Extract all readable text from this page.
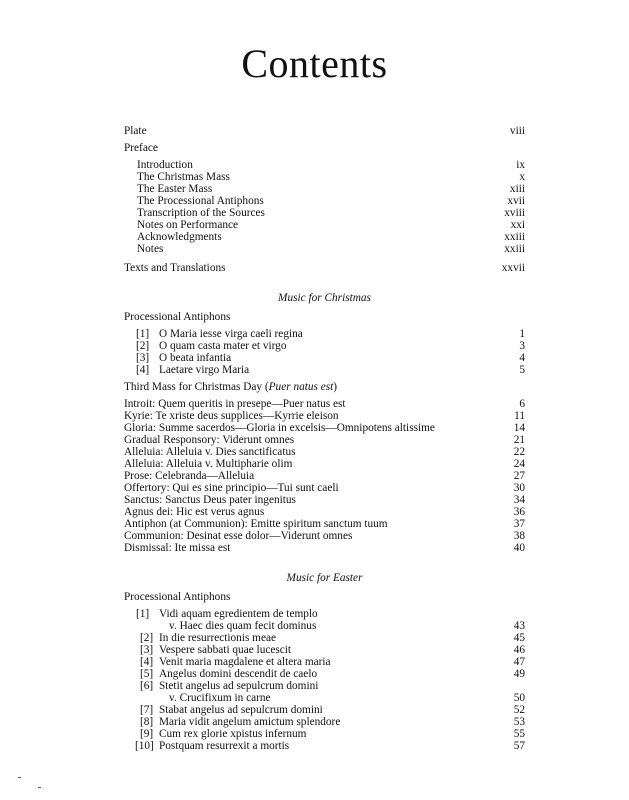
Contents
Plate	viii
Preface
Introduction	ix
The Christmas Mass	x
The Easter Mass	xiii
The Processional Antiphons	xvii
Transcription of the Sources	xviii
Notes on Performance	xxi
Acknowledgments	xxiii
Notes	xxiii
Texts and Translations	xxvii
Music for Christmas
Processional Antiphons
[1] O Maria iesse virga caeli regina	1
[2] O quam casta mater et virgo	3
[3] O beata infantia	4
[4] Laetare virgo Maria	5
Third Mass for Christmas Day (Puer natus est)
Introit: Quem queritis in presepe—Puer natus est	6
Kyrie: Te xriste deus supplices—Kyrrie eleison	11
Gloria: Summe sacerdos—Gloria in excelsis—Omnipotens altissime	14
Gradual Responsory: Viderunt omnes	21
Alleluia: Alleluia v. Dies sanctificatus	22
Alleluia: Alleluia v. Multipharie olim	24
Prose: Celebranda—Alleluia	27
Offertory: Qui es sine principio—Tui sunt caeli	30
Sanctus: Sanctus Deus pater ingenitus	34
Agnus dei: Hic est verus agnus	36
Antiphon (at Communion): Emitte spiritum sanctum tuum	37
Communion: Desinat esse dolor—Viderunt omnes	38
Dismissal: Ite missa est	40
Music for Easter
Processional Antiphons
[1] Vidi aquam egredientem de templo
v. Haec dies quam fecit dominus	43
[2] In die resurrectionis meae	45
[3] Vespere sabbati quae lucescit	46
[4] Venit maria magdalene et altera maria	47
[5] Angelus domini descendit de caelo	49
[6] Stetit angelus ad sepulcrum domini
v. Crucifixum in carne	50
[7] Stabat angelus ad sepulcrum domini	52
[8] Maria vidit angelum amictum splendore	53
[9] Cum rex glorie xpistus infernum	55
[10] Postquam resurrexit a mortis	57
